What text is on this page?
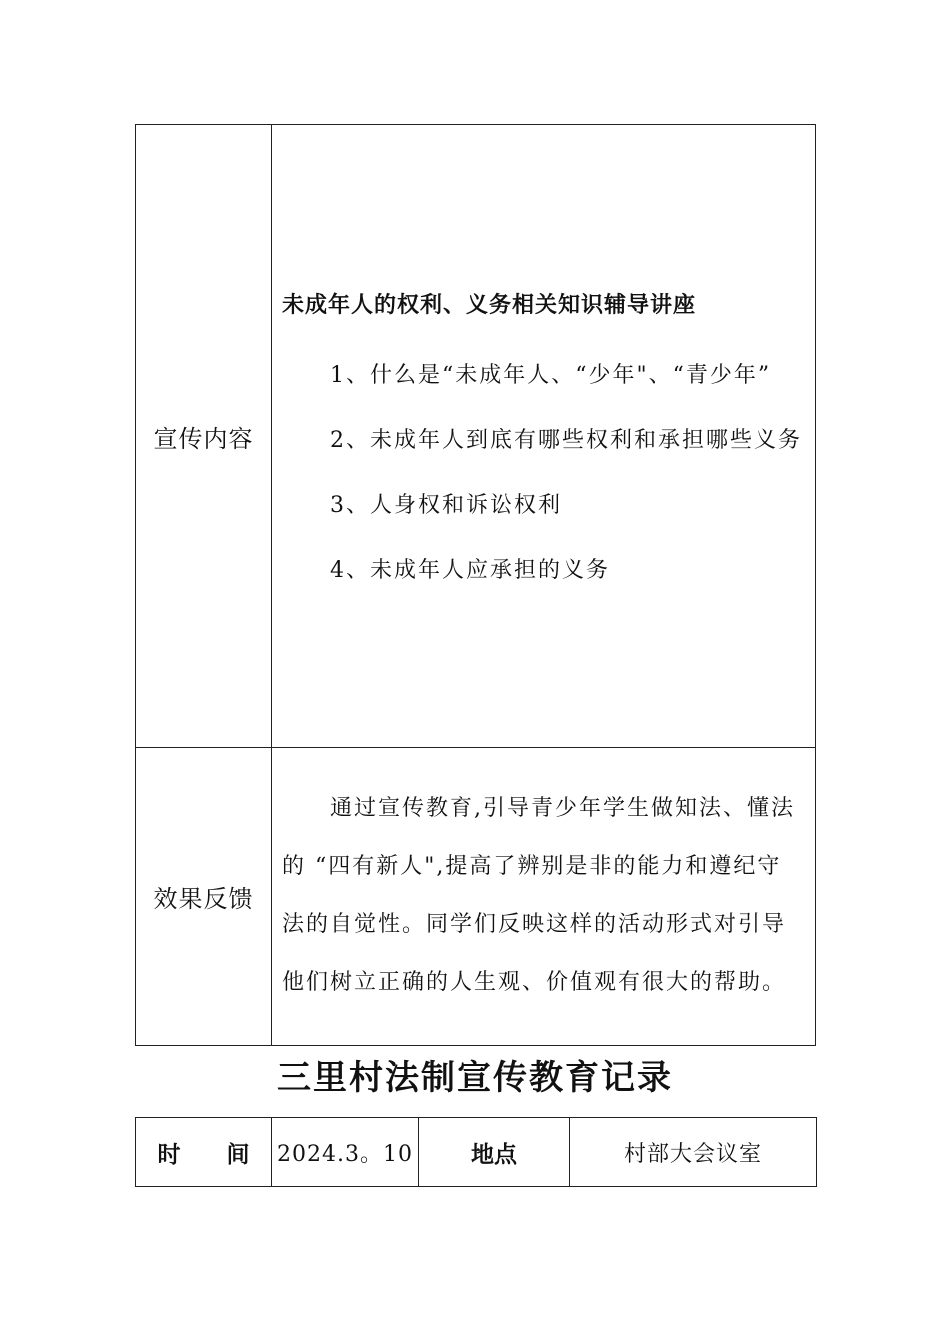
宣传内容	未成年人的权利、义务相关知识辅导讲座

1、什么是“未成年人、“少年"、“青少年”

2、未成年人到底有哪些权利和承担哪些义务

3、人身权和诉讼权利

4、未成年人应承担的义务

效果反馈	通过宣传教育,引导青少年学生做知法、懂法的 “四有新人",提高了辨别是非的能力和遵纪守法的自觉性。同学们反映这样的活动形式对引导他们树立正确的人生观、价值观有很大的帮助。

三里村法制宣传教育记录
时　　间	2024.3。10	地点	村部大会议室
